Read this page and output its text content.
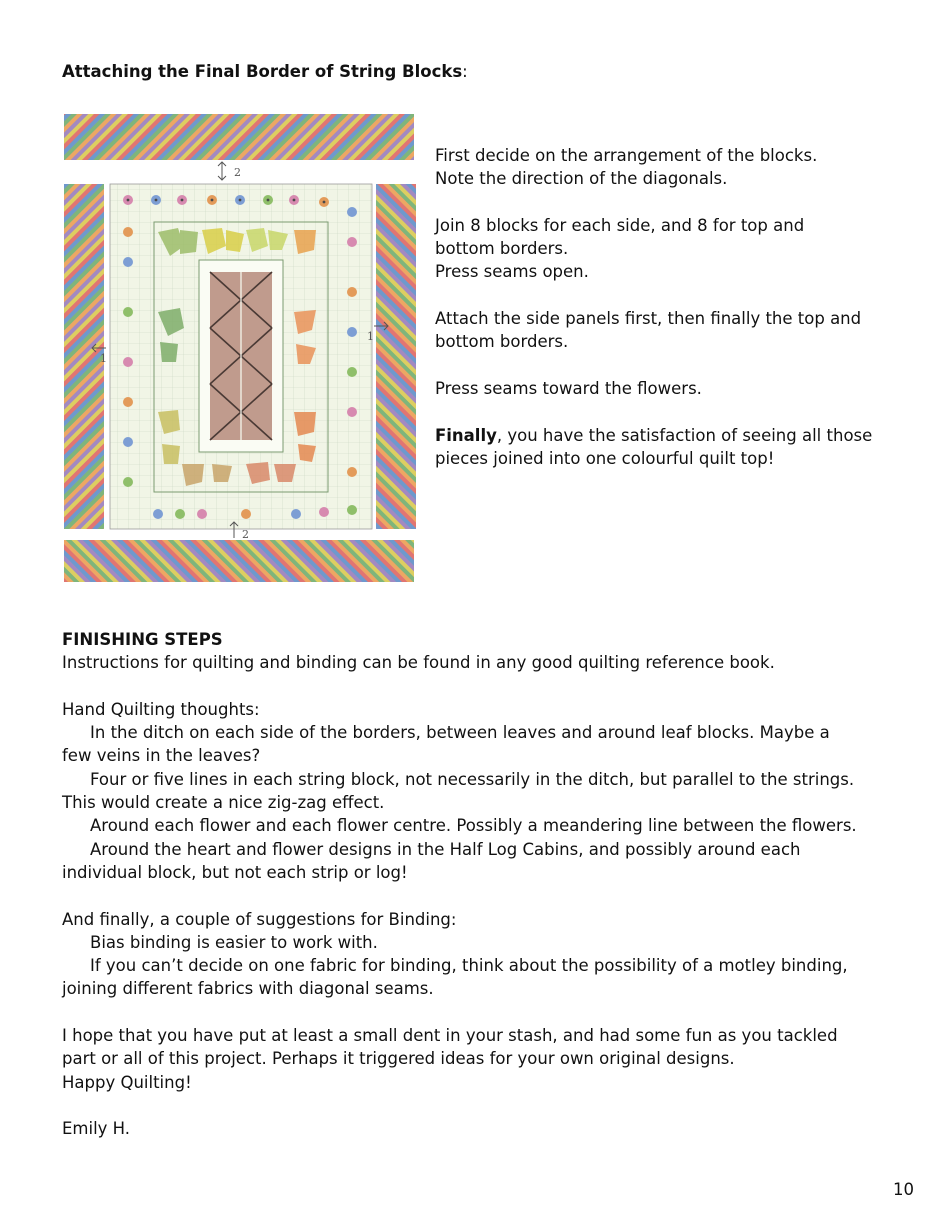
Attaching the Final Border of String Blocks:
2
1
1
2

First decide on the arrangement of the blocks.
Note the direction of the diagonals.

Join 8 blocks for each side, and 8 for top and
bottom borders.
Press seams open.

Attach the side panels first, then finally the top and
bottom borders.

Press seams toward the flowers.

Finally, you have the satisfaction of seeing all those
pieces joined into one colourful quilt top!

FINISHING STEPS

Instructions for quilting and binding can be found in any good quilting reference book.

Hand Quilting thoughts:

In the ditch on each side of the borders, between leaves and around leaf blocks. Maybe a
few veins in the leaves?

Four or five lines in each string block, not necessarily in the ditch, but parallel to the strings.
This would create a nice zig-zag effect.

Around each flower and each flower centre. Possibly a meandering line between the flowers.

Around the heart and flower designs in the Half Log Cabins, and possibly around each
individual block, but not each strip or log!

And finally, a couple of suggestions for Binding:

Bias binding is easier to work with.

If you can’t decide on one fabric for binding, think about the possibility of a motley binding,
joining different fabrics with diagonal seams.

I hope that you have put at least a small dent in your stash, and had some fun as you tackled
part or all of this project. Perhaps it triggered ideas for your own original designs.
Happy Quilting!

Emily H.

10
